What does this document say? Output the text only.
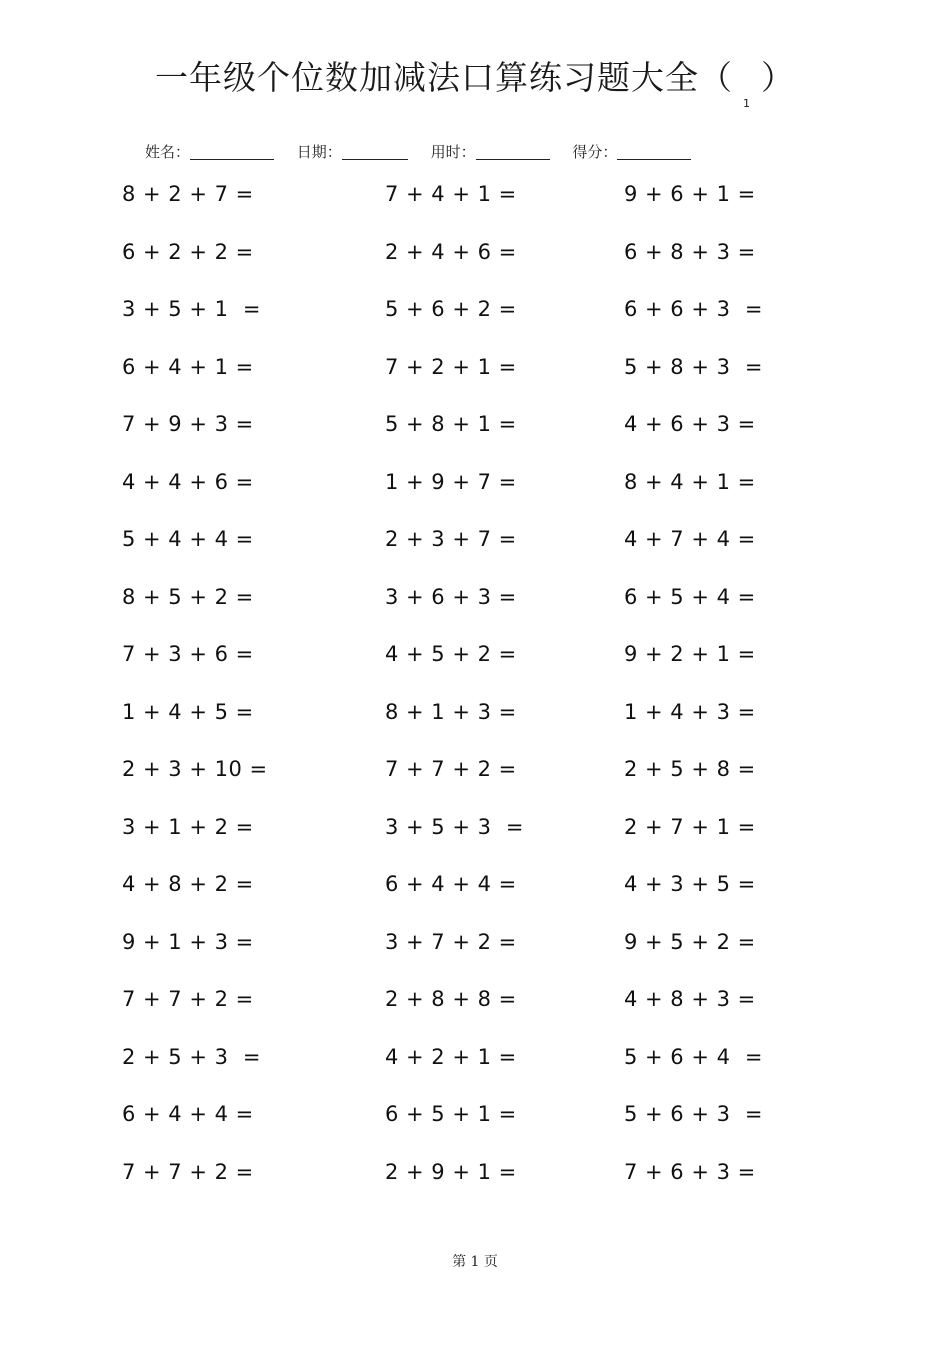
一年级个位数加减法口算练习题大全$(_1)$
姓名：	日期：	用时：	得分：
8 + 2 + 7 =	7 + 4 + 1 =	9 + 6 + 1 =
6 + 2 + 2 =	2 + 4 + 6 =	6 + 8 + 3 =
3 + 5 + 1  =	5 + 6 + 2 =	6 + 6 + 3  =
6 + 4 + 1 =	7 + 2 + 1 =	5 + 8 + 3  =
7 + 9 + 3 =	5 + 8 + 1 =	4 + 6 + 3 =
4 + 4 + 6 =	1 + 9 + 7 =	8 + 4 + 1 =
5 + 4 + 4 =	2 + 3 + 7 =	4 + 7 + 4 =
8 + 5 + 2 =	3 + 6 + 3 =	6 + 5 + 4 =
7 + 3 + 6 =	4 + 5 + 2 =	9 + 2 + 1 =
1 + 4 + 5 =	8 + 1 + 3 =	1 + 4 + 3 =
2 + 3 + 10 =	7 + 7 + 2 =	2 + 5 + 8 =
3 + 1 + 2 =	3 + 5 + 3  =	2 + 7 + 1 =
4 + 8 + 2 =	6 + 4 + 4 =	4 + 3 + 5 =
9 + 1 + 3 =	3 + 7 + 2 =	9 + 5 + 2 =
7 + 7 + 2 =	2 + 8 + 8 =	4 + 8 + 3 =
2 + 5 + 3  =	4 + 2 + 1 =	5 + 6 + 4  =
6 + 4 + 4 =	6 + 5 + 1 =	5 + 6 + 3  =
7 + 7 + 2 =	2 + 9 + 1 =	7 + 6 + 3 =
第 1 页
